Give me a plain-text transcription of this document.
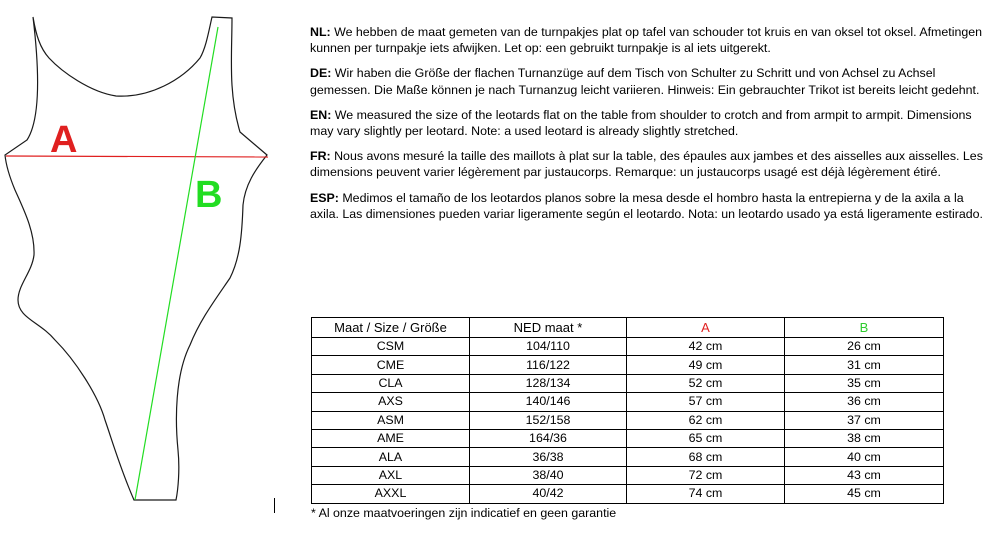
A
B

NL: We hebben de maat gemeten van de turnpakjes plat op tafel van schouder tot kruis en van oksel tot oksel. Afmetingen kunnen per turnpakje iets afwijken. Let op: een gebruikt turnpakje is al iets uitgerekt.

DE: Wir haben die Größe der flachen Turnanzüge auf dem Tisch von Schulter zu Schritt und von Achsel zu Achsel gemessen. Die Maße können je nach Turnanzug leicht variieren. Hinweis: Ein gebrauchter Trikot ist bereits leicht gedehnt.

EN: We measured the size of the leotards flat on the table from shoulder to crotch and from armpit to armpit. Dimensions may vary slightly per leotard. Note: a used leotard is already slightly stretched.

FR: Nous avons mesuré la taille des maillots à plat sur la table, des épaules aux jambes et des aisselles aux aisselles. Les dimensions peuvent varier légèrement par justaucorps. Remarque: un justaucorps usagé est déjà légèrement étiré.

ESP: Medimos el tamaño de los leotardos planos sobre la mesa desde el hombro hasta la entrepierna y de la axila a la axila. Las dimensiones pueden variar ligeramente según el leotardo. Nota: un leotardo usado ya está ligeramente estirado.

Maat / Size / Größe	NED maat *	A	B
CSM	104/110	42 cm	26 cm
CME	116/122	49 cm	31 cm
CLA	128/134	52 cm	35 cm
AXS	140/146	57 cm	36 cm
ASM	152/158	62 cm	37 cm
AME	164/36	65 cm	38 cm
ALA	36/38	68 cm	40 cm
AXL	38/40	72 cm	43 cm
AXXL	40/42	74 cm	45 cm
* Al onze maatvoeringen zijn indicatief en geen garantie
